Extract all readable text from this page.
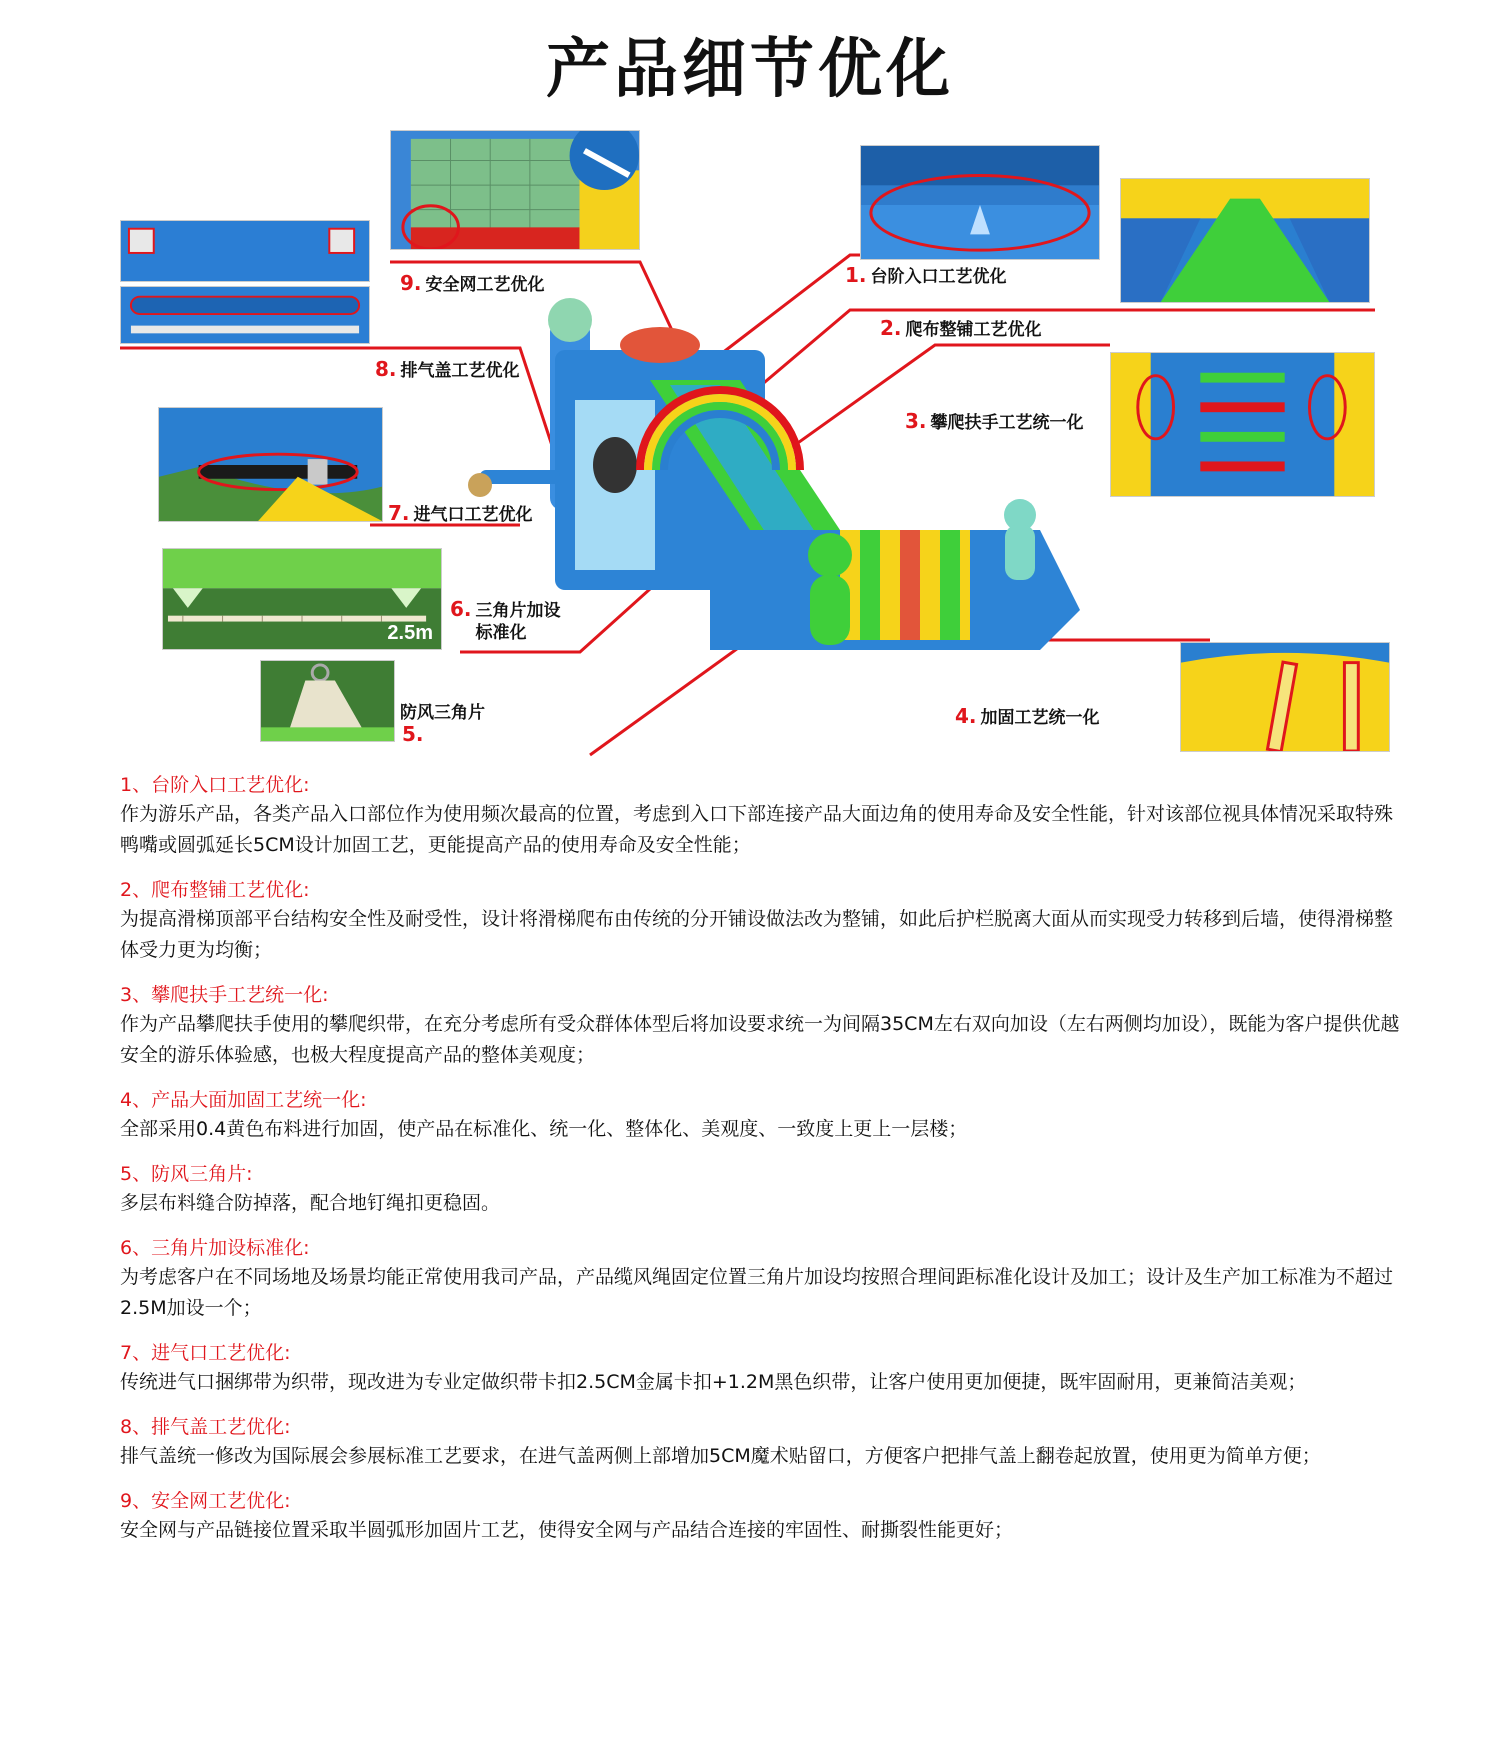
产品细节优化
9. 安全网工艺优化	1. 台阶入口工艺优化
2. 爬布整铺工艺优化
3. 攀爬扶手工艺统一化
8. 排气盖工艺优化
7. 进气口工艺优化
2.5m
6. 三角片加设标准化
防风三角片
5.
4. 加固工艺统一化
1、台阶入口工艺优化:
作为游乐产品，各类产品入口部位作为使用频次最高的位置，考虑到入口下部连接产品大面边角的使用寿命及安全性能，针对该部位视具体情况采取特殊鸭嘴或圆弧延长5CM设计加固工艺，更能提高产品的使用寿命及安全性能；
2、爬布整铺工艺优化:
为提高滑梯顶部平台结构安全性及耐受性，设计将滑梯爬布由传统的分开铺设做法改为整铺，如此后护栏脱离大面从而实现受力转移到后墙，使得滑梯整体受力更为均衡；
3、攀爬扶手工艺统一化:
作为产品攀爬扶手使用的攀爬织带，在充分考虑所有受众群体体型后将加设要求统一为间隔35CM左右双向加设（左右两侧均加设），既能为客户提供优越安全的游乐体验感，也极大程度提高产品的整体美观度；
4、产品大面加固工艺统一化:
全部采用0.4黄色布料进行加固，使产品在标准化、统一化、整体化、美观度、一致度上更上一层楼；
5、防风三角片:
多层布料缝合防掉落，配合地钉绳扣更稳固。
6、三角片加设标准化:
为考虑客户在不同场地及场景均能正常使用我司产品，产品缆风绳固定位置三角片加设均按照合理间距标准化设计及加工；设计及生产加工标准为不超过2.5M加设一个；
7、进气口工艺优化:
传统进气口捆绑带为织带，现改进为专业定做织带卡扣2.5CM金属卡扣+1.2M黑色织带，让客户使用更加便捷，既牢固耐用，更兼简洁美观；
8、排气盖工艺优化:
排气盖统一修改为国际展会参展标准工艺要求，在进气盖两侧上部增加5CM魔术贴留口，方便客户把排气盖上翻卷起放置，使用更为简单方便；
9、安全网工艺优化:
安全网与产品链接位置采取半圆弧形加固片工艺，使得安全网与产品结合连接的牢固性、耐撕裂性能更好；
